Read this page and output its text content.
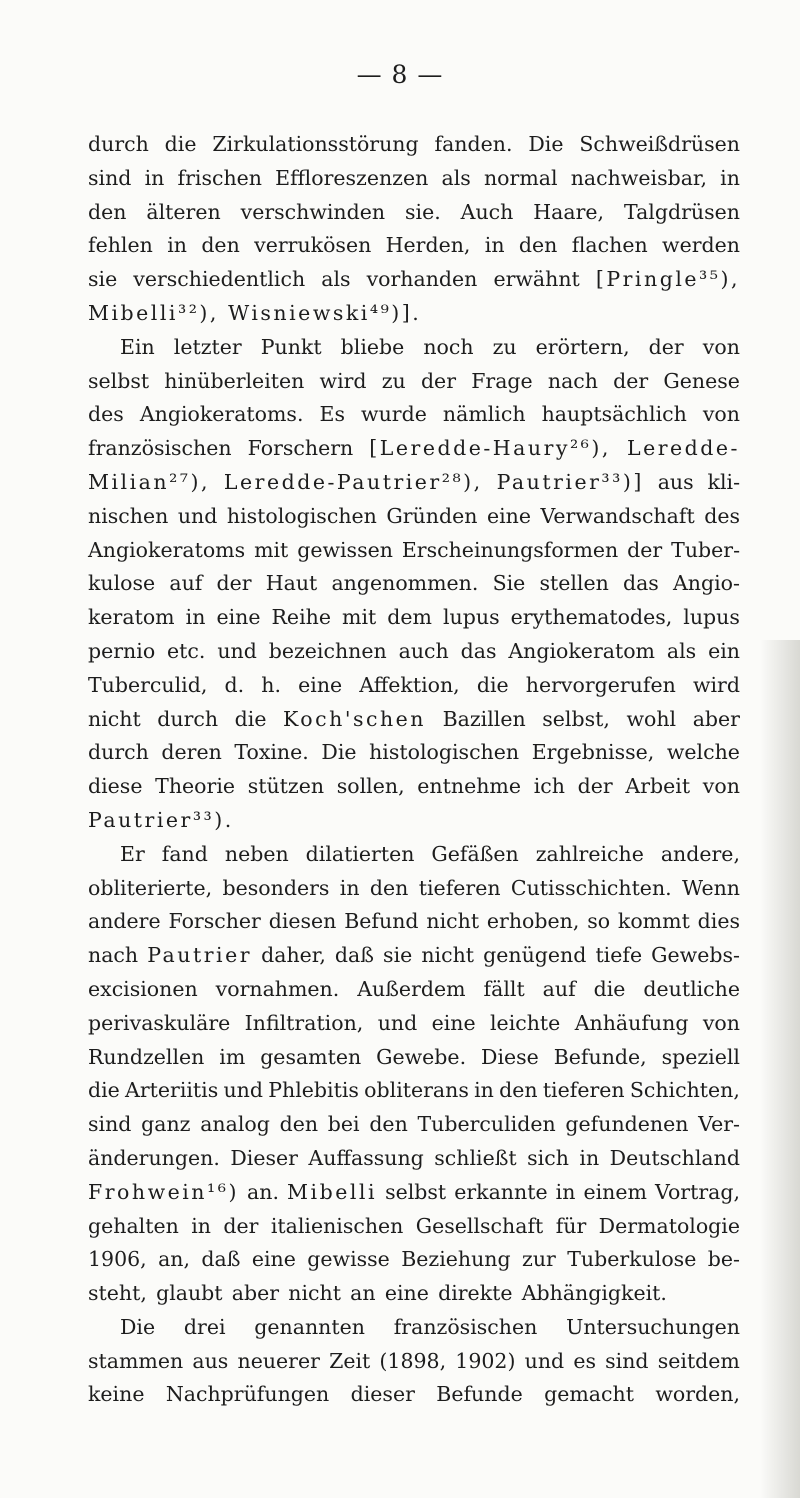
— 8 —
durch die Zirkulationsstörung fanden. Die Schweißdrüsen
sind in frischen Effloreszenzen als normal nachweisbar, in
den älteren verschwinden sie. Auch Haare, Talgdrüsen
fehlen in den verrukösen Herden, in den flachen werden
sie verschiedentlich als vorhanden erwähnt [Pringle³⁵),
Mibelli³²), Wisniewski⁴⁹)].
Ein letzter Punkt bliebe noch zu erörtern, der von
selbst hinüberleiten wird zu der Frage nach der Genese
des Angiokeratoms. Es wurde nämlich hauptsächlich von
französischen Forschern [Leredde-Haury²⁶), Leredde-
Milian²⁷), Leredde-Pautrier²⁸), Pautrier³³)] aus kli-
nischen und histologischen Gründen eine Verwandschaft des
Angiokeratoms mit gewissen Erscheinungsformen der Tuber-
kulose auf der Haut angenommen. Sie stellen das Angio-
keratom in eine Reihe mit dem lupus erythematodes, lupus
pernio etc. und bezeichnen auch das Angiokeratom als ein
Tuberculid, d. h. eine Affektion, die hervorgerufen wird
nicht durch die Koch'schen Bazillen selbst, wohl aber
durch deren Toxine. Die histologischen Ergebnisse, welche
diese Theorie stützen sollen, entnehme ich der Arbeit von
Pautrier³³).
Er fand neben dilatierten Gefäßen zahlreiche andere,
obliterierte, besonders in den tieferen Cutisschichten. Wenn
andere Forscher diesen Befund nicht erhoben, so kommt dies
nach Pautrier daher, daß sie nicht genügend tiefe Gewebs-
excisionen vornahmen. Außerdem fällt auf die deutliche
perivaskuläre Infiltration, und eine leichte Anhäufung von
Rundzellen im gesamten Gewebe. Diese Befunde, speziell
die Arteriitis und Phlebitis obliterans in den tieferen Schichten,
sind ganz analog den bei den Tuberculiden gefundenen Ver-
änderungen. Dieser Auffassung schließt sich in Deutschland
Frohwein¹⁶) an. Mibelli selbst erkannte in einem Vortrag,
gehalten in der italienischen Gesellschaft für Dermatologie
1906, an, daß eine gewisse Beziehung zur Tuberkulose be-
steht, glaubt aber nicht an eine direkte Abhängigkeit.
Die drei genannten französischen Untersuchungen
stammen aus neuerer Zeit (1898, 1902) und es sind seitdem
keine Nachprüfungen dieser Befunde gemacht worden,
